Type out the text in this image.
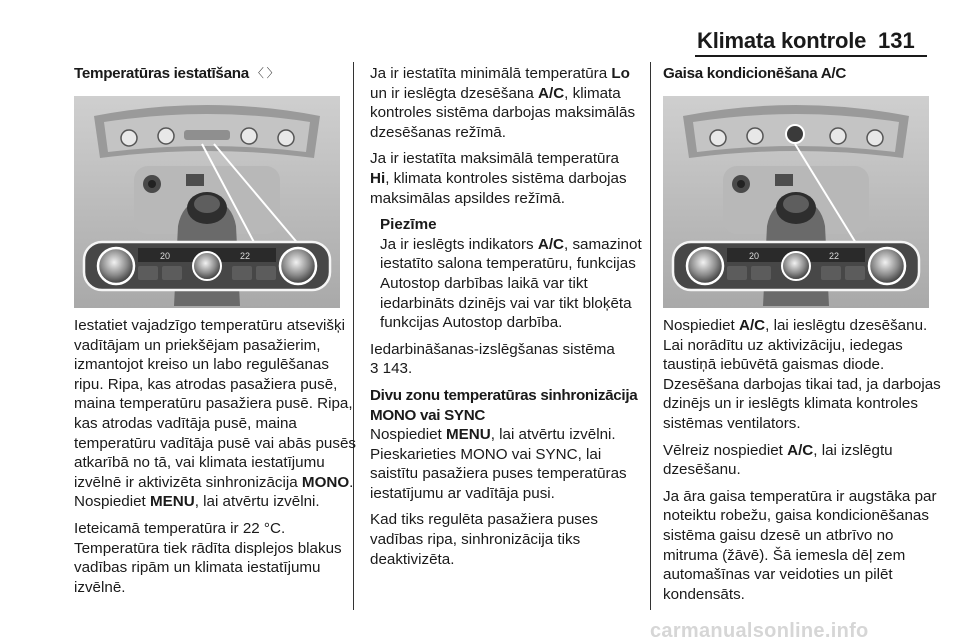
Klimata kontrole 131

Temperatūras iestatīšana 〈 〉

20	22

Iestatiet vajadzīgo temperatūru atsevišķi vadītājam un priekšējam pasažierim, izmantojot kreiso un labo regulēšanas ripu. Ripa, kas atrodas pasažiera pusē, maina temperatūru pasažiera pusē. Ripa, kas atrodas vadītāja pusē, maina temperatūru vadītāja pusē vai abās pusēs atkarībā no tā, vai klimata iestatījumu izvēlnē ir aktivizēta sinhronizācija MONO. Nospiediet MENU, lai atvērtu izvēlni.

Ieteicamā temperatūra ir 22 °C. Temperatūra tiek rādīta displejos blakus vadības ripām un klimata iestatījumu izvēlnē.

Ja ir iestatīta minimālā temperatūra Lo un ir ieslēgta dzesēšana A/C, klimata kontroles sistēma darbojas maksimālās dzesēšanas režīmā.

Ja ir iestatīta maksimālā temperatūra Hi, klimata kontroles sistēma darbojas maksimālas apsildes režīmā.

Piezīme
Ja ir ieslēgts indikators A/C, samazinot iestatīto salona temperatūru, funkcijas Autostop darbības laikā var tikt iedarbināts dzinējs vai var tikt bloķēta funkcijas Autostop darbība.

Iedarbināšanas-izslēgšanas sistēma
3 143.

Divu zonu temperatūras sinhronizācija MONO vai SYNC

Nospiediet MENU, lai atvērtu izvēlni. Pieskarieties MONO vai SYNC, lai saistītu pasažiera puses temperatūras iestatījumu ar vadītāja pusi.

Kad tiks regulēta pasažiera puses vadības ripa, sinhronizācija tiks deaktivizēta.

Gaisa kondicionēšana A/C

20	22

Nospiediet A/C, lai ieslēgtu dzesēšanu. Lai norādītu uz aktivizāciju, iedegas taustiņā iebūvētā gaismas diode. Dzesēšana darbojas tikai tad, ja darbojas dzinējs un ir ieslēgts klimata kontroles sistēmas ventilators.

Vēlreiz nospiediet A/C, lai izslēgtu dzesēšanu.

Ja āra gaisa temperatūra ir augstāka par noteiktu robežu, gaisa kondicionēšanas sistēma gaisu dzesē un atbrīvo no mitruma (žāvē). Šā iemesla dēļ zem automašīnas var veidoties un pilēt kondensāts.

carmanualsonline.info
